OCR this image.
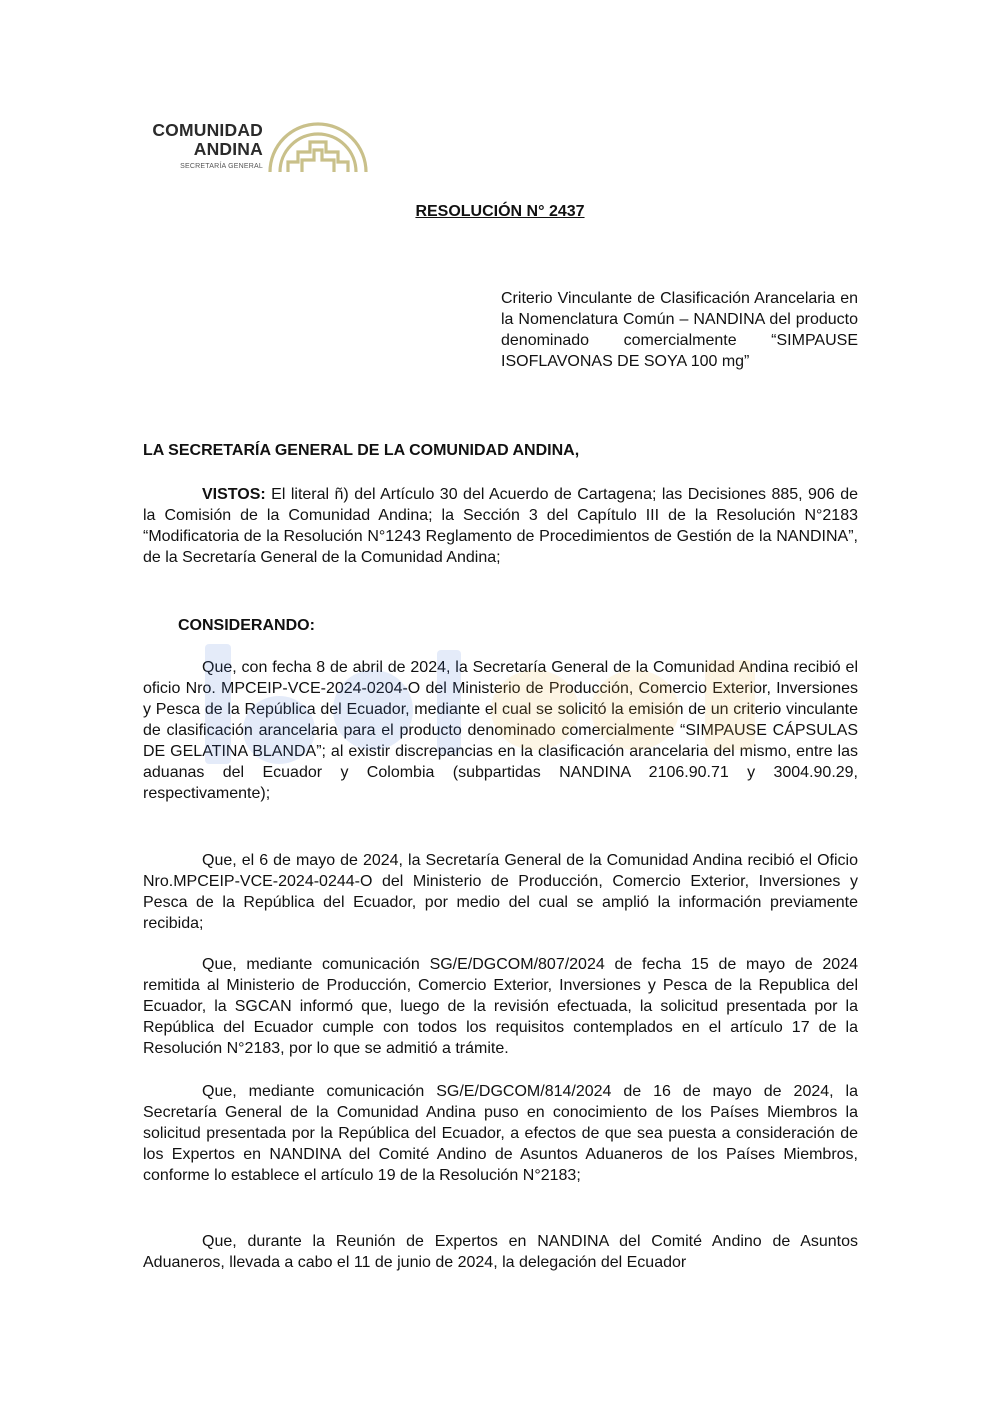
COMUNIDAD
ANDINA
SECRETARÍA GENERAL
RESOLUCIÓN N° 2437
Criterio Vinculante de Clasificación Arancelaria en la Nomenclatura Común – NANDINA del producto denominado comercialmente “SIMPAUSE ISOFLAVONAS DE SOYA 100 mg”
LA SECRETARÍA GENERAL DE LA COMUNIDAD ANDINA,
VISTOS: El literal ñ) del Artículo 30 del Acuerdo de Cartagena; las Decisiones 885, 906 de la Comisión de la Comunidad Andina; la Sección 3 del Capítulo III de la Resolución N°2183 “Modificatoria de la Resolución N°1243 Reglamento de Procedimientos de Gestión de la NANDINA”, de la Secretaría General de la Comunidad Andina;
CONSIDERANDO:
Que, con fecha 8 de abril de 2024, la Secretaría General de la Comunidad Andina recibió el oficio Nro. MPCEIP-VCE-2024-0204-O del Ministerio de Producción, Comercio Exterior, Inversiones y Pesca de la República del Ecuador, mediante el cual se solicitó la emisión de un criterio vinculante de clasificación arancelaria para el producto denominado comercialmente “SIMPAUSE CÁPSULAS DE GELATINA BLANDA”; al existir discrepancias en la clasificación arancelaria del mismo, entre las aduanas del Ecuador y Colombia (subpartidas NANDINA 2106.90.71 y 3004.90.29, respectivamente);
Que, el 6 de mayo de 2024, la Secretaría General de la Comunidad Andina recibió el Oficio Nro.MPCEIP-VCE-2024-0244-O del Ministerio de Producción, Comercio Exterior, Inversiones y Pesca de la República del Ecuador, por medio del cual se amplió la información previamente recibida;
Que, mediante comunicación SG/E/DGCOM/807/2024 de fecha 15 de mayo de 2024 remitida al Ministerio de Producción, Comercio Exterior, Inversiones y Pesca de la Republica del Ecuador, la SGCAN informó que, luego de la revisión efectuada, la solicitud presentada por la República del Ecuador cumple con todos los requisitos contemplados en el artículo 17 de la Resolución N°2183, por lo que se admitió a trámite.
Que, mediante comunicación SG/E/DGCOM/814/2024 de 16 de mayo de 2024, la Secretaría General de la Comunidad Andina puso en conocimiento de los Países Miembros la solicitud presentada por la República del Ecuador, a efectos de que sea puesta a consideración de los Expertos en NANDINA del Comité Andino de Asuntos Aduaneros de los Países Miembros, conforme lo establece el artículo 19 de la Resolución N°2183;
Que, durante la Reunión de Expertos en NANDINA del Comité Andino de Asuntos Aduaneros, llevada a cabo el 11 de junio de 2024, la delegación del Ecuador
